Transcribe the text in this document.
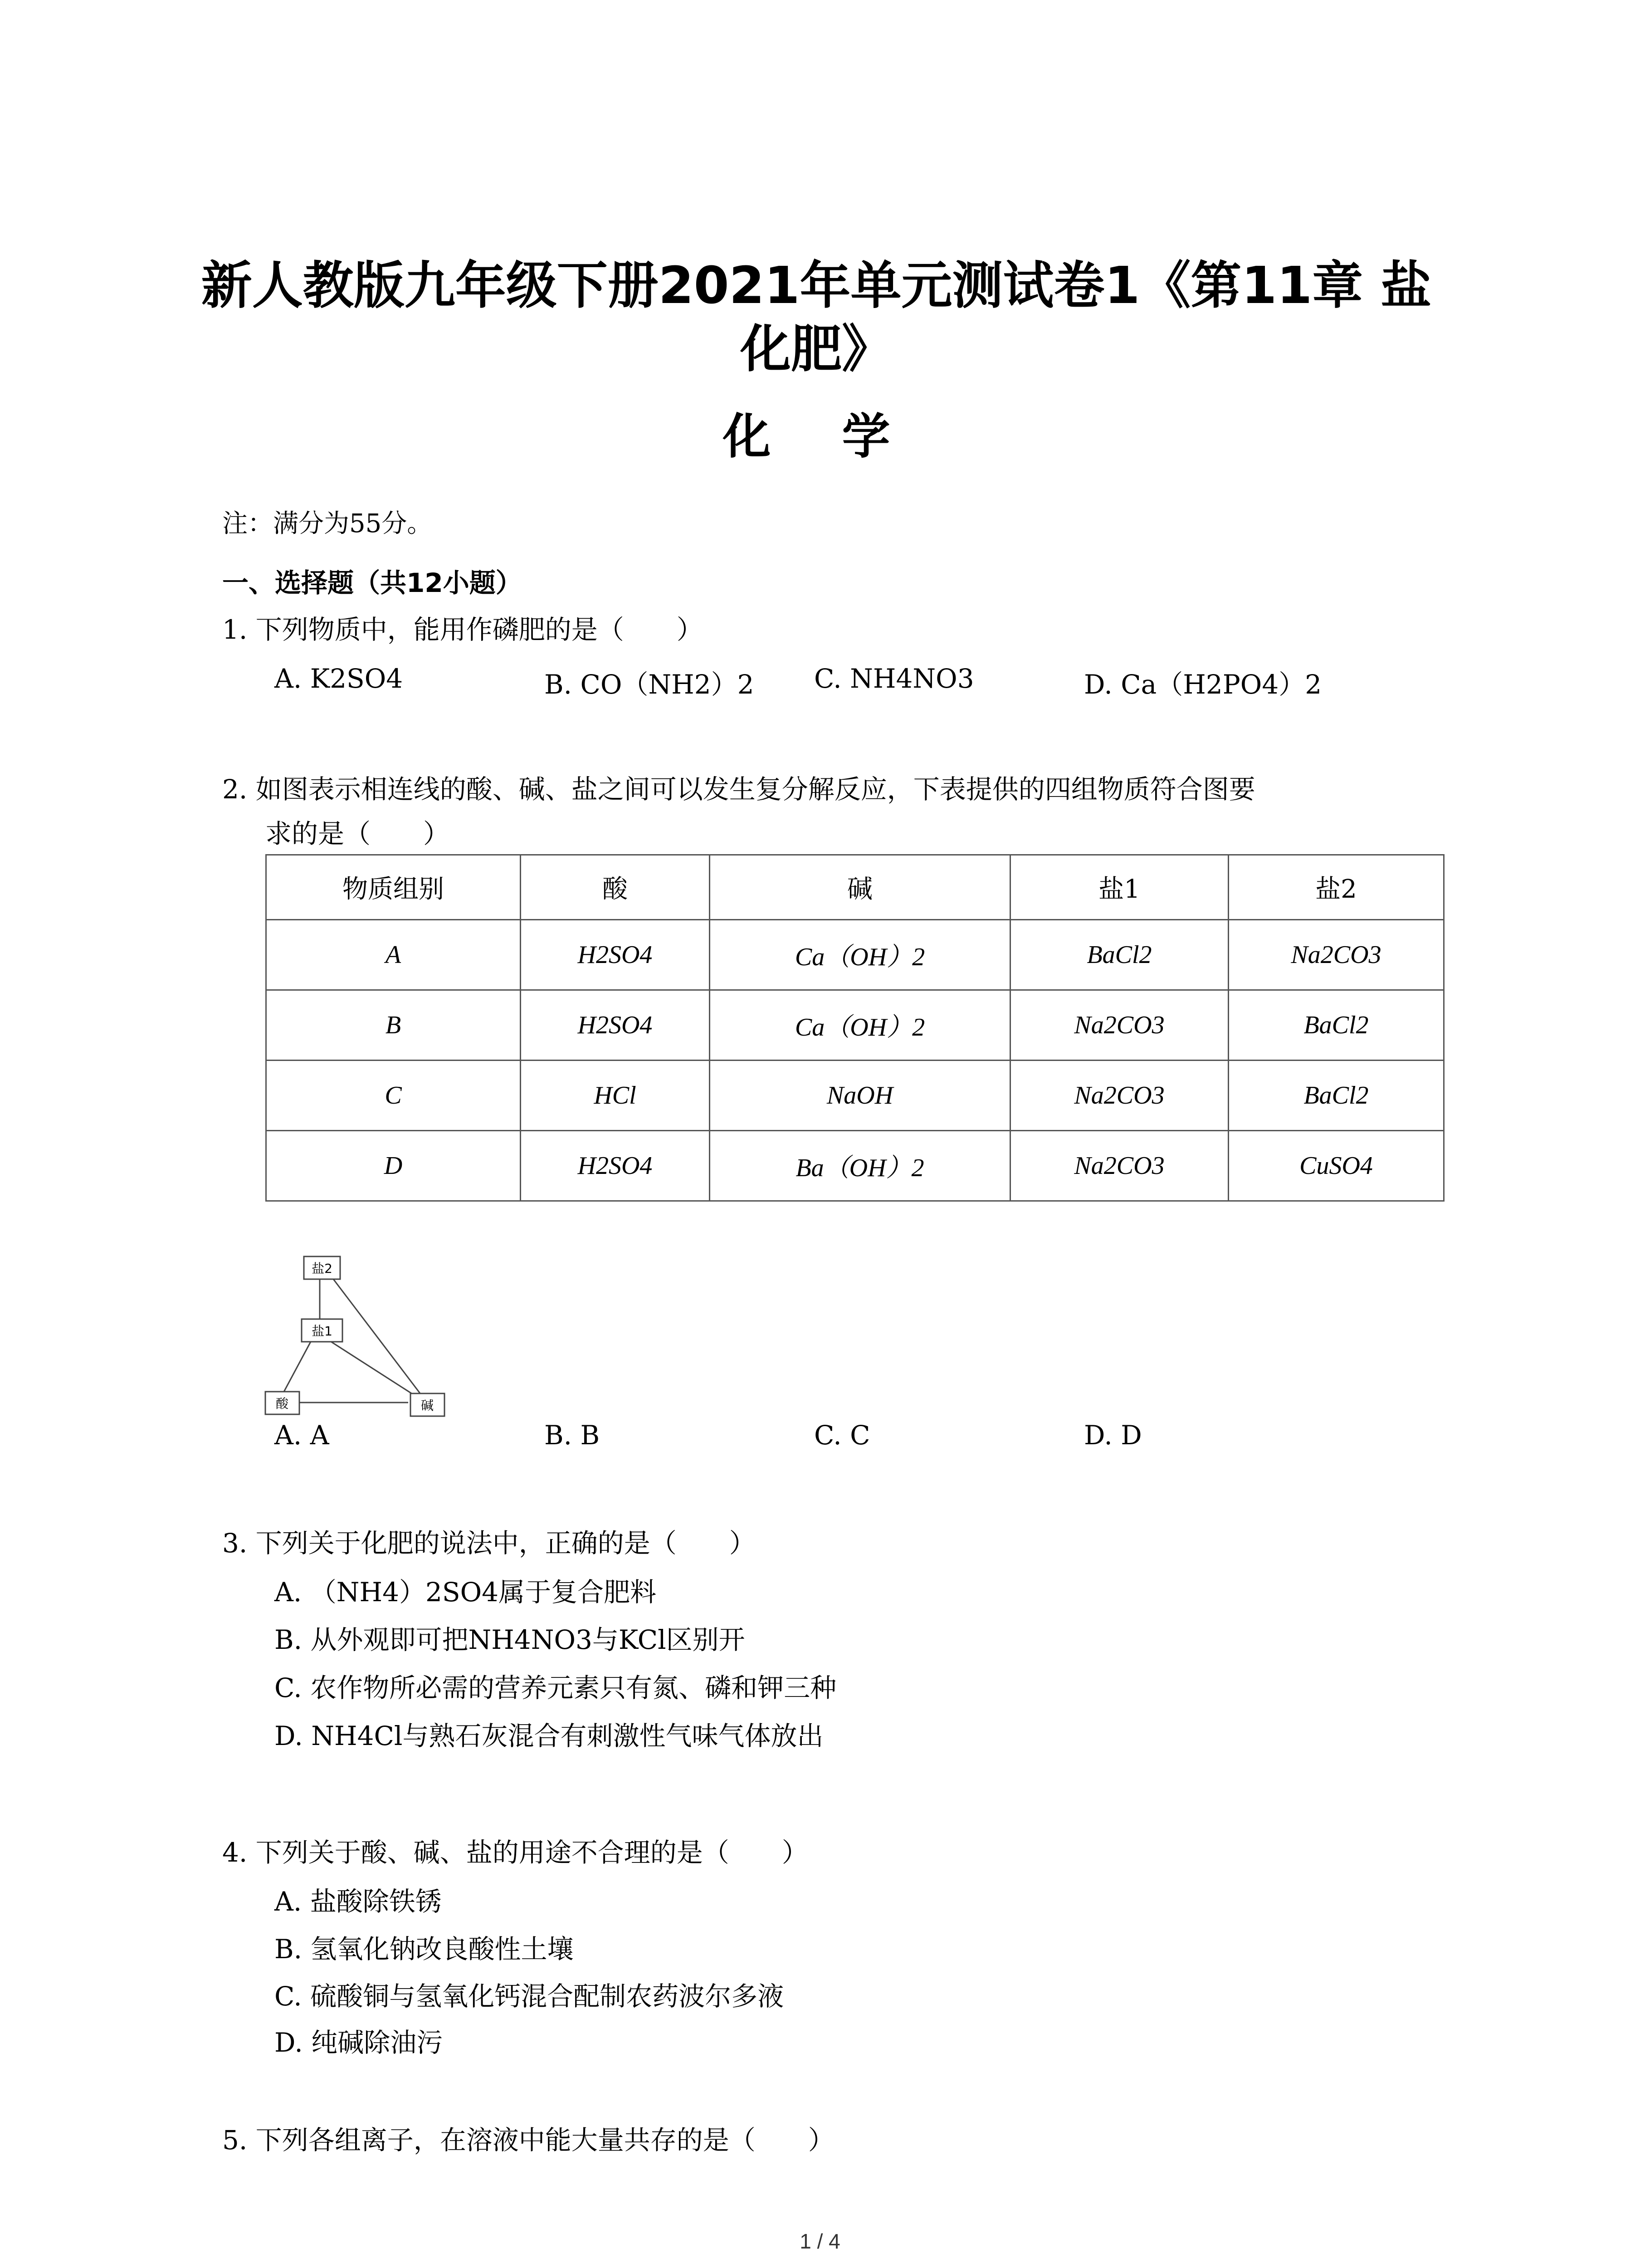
新人教版九年级下册2021年单元测试卷1《第11章 盐化肥》
化 学
注：满分为55分。
一、选择题（共12小题）
1. 下列物质中，能用作磷肥的是（　　）
A. K2SO4	B. CO（NH2）2 C. NH4NO3	D. Ca（H2PO4）2
2. 如图表示相连线的酸、碱、盐之间可以发生复分解反应，下表提供的四组物质符合图要
求的是（　　）
物质组别	酸	碱	盐1	盐2
A	H2SO4	Ca（OH）2	BaCl2	Na2CO3
B	H2SO4	Ca（OH）2	Na2CO3	BaCl2
C	HCl	NaOH	Na2CO3	BaCl2
D	H2SO4	Ba（OH）2	Na2CO3	CuSO4
盐2
盐1
酸	碱
A. A	B. B	C. C	D. D
3. 下列关于化肥的说法中，正确的是（　　）
A. （NH4）2SO4属于复合肥料
B. 从外观即可把NH4NO3与KCl区别开
C. 农作物所必需的营养元素只有氮、磷和钾三种
D. NH4Cl与熟石灰混合有刺激性气味气体放出
4. 下列关于酸、碱、盐的用途不合理的是（　　）
A. 盐酸除铁锈
B. 氢氧化钠改良酸性土壤
C. 硫酸铜与氢氧化钙混合配制农药波尔多液
D. 纯碱除油污
5. 下列各组离子，在溶液中能大量共存的是（　　）
1 / 4
